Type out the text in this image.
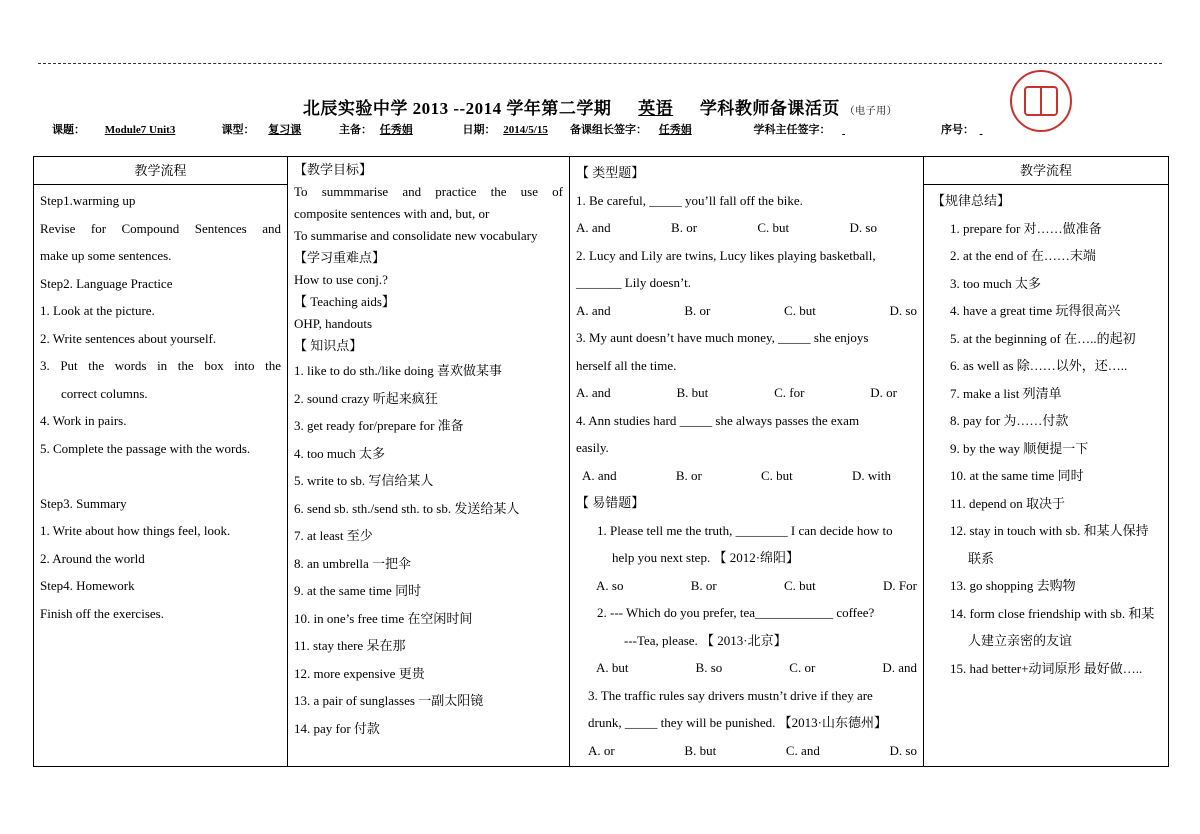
北辰实验中学 2013 --2014 学年第二学期 英语 学科教师备课活页 （电子用）
课题： Module7 Unit3	课型： 复习课	主备： 任秀娟	日期： 2014/5/15 备课组长签字： 任秀娟	学科主任签字：	序号：
教学流程

Step1.warming up

Revise for Compound Sentences and

make up some sentences.

Step2. Language Practice

1. Look at the picture.

2. Write sentences about yourself.

3. Put the words in the box into the

correct columns.

4. Work in pairs.

5. Complete the passage with the words.

Step3. Summary

1. Write about how things feel, look.

2. Around the world

Step4. Homework

Finish off the exercises.

【教学目标】

To summmarise and practice the use of

composite sentences with and, but, or

To summarise and consolidate new vocabulary

【学习重难点】

How to use conj.?

【 Teaching aids】

OHP, handouts

【 知识点】

1. like to do sth./like doing 喜欢做某事

2. sound crazy 听起来疯狂

3. get ready for/prepare for 准备

4. too much 太多

5. write to sb. 写信给某人

6. send sb. sth./send sth. to sb. 发送给某人

7. at least 至少

8. an umbrella 一把伞

9. at the same time 同时

10. in one’s free time 在空闲时间

11. stay there 呆在那

12. more expensive 更贵

13. a pair of sunglasses 一副太阳镜

14. pay for 付款

【 类型题】

1. Be careful, _____ you’ll fall off the bike.

A. and	B. or	C. but	D. so

2. Lucy and Lily are twins, Lucy likes playing basketball,

_______ Lily doesn’t.

A. and	B. or	C. but	D. so

3. My aunt doesn’t have much money, _____ she enjoys

herself all the time.

A. and	B. but	C. for	D. or

4. Ann studies hard _____ she always passes the exam

easily.

A. and	B. or	C. but	D. with

【 易错题】

1. Please tell me the truth, ________ I can decide how to

help you next step. 【 2012·绵阳】

A. so	B. or	C. but	D. For

2. --- Which do you prefer, tea____________ coffee?

---Tea, please. 【 2013·北京】

A. but	B. so	C. or	D. and

3. The traffic rules say drivers mustn’t drive if they are

drunk, _____ they will be punished. 【2013·山东德州】

A. or	B. but	C. and	D. so

教学流程

【规律总结】

1. prepare for 对……做准备

2. at the end of 在……末端

3. too much 太多

4. have a great time 玩得很高兴

5. at the beginning of 在…..的起初

6. as well as 除……以外，还…..

7. make a list 列清单

8. pay for 为……付款

9. by the way 顺便提一下

10. at the same time 同时

11. depend on 取决于

12. stay in touch with sb. 和某人保持联系

13. go shopping 去购物

14. form close friendship with sb. 和某人建立亲密的友谊

15. had better+动词原形 最好做…..
